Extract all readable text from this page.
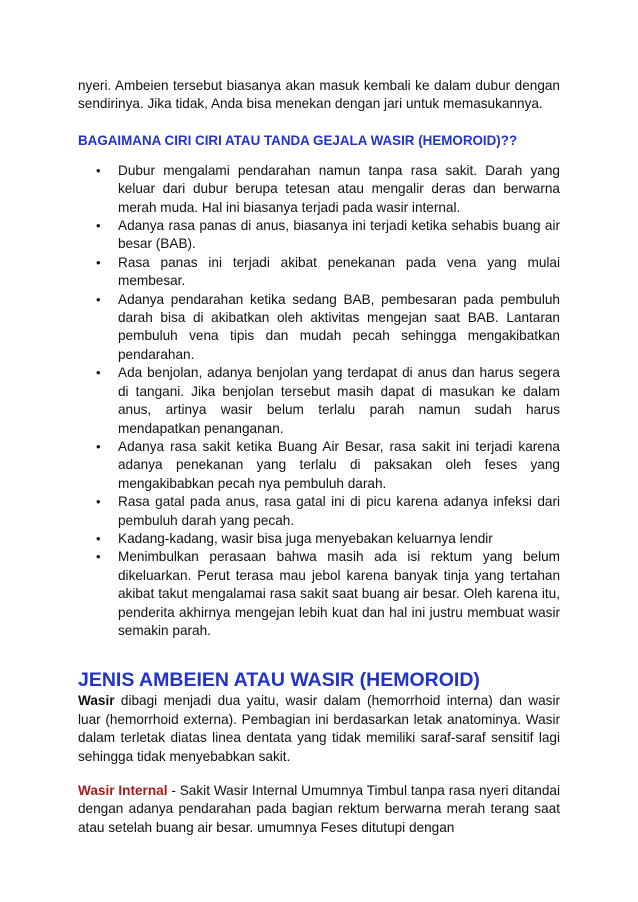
nyeri. Ambeien tersebut biasanya akan masuk kembali ke dalam dubur dengan sendirinya. Jika tidak, Anda bisa menekan dengan jari untuk memasukannya.

BAGAIMANA CIRI CIRI ATAU TANDA GEJALA WASIR (HEMOROID)??
• Dubur mengalami pendarahan namun tanpa rasa sakit. Darah yang keluar dari dubur berupa tetesan atau mengalir deras dan berwarna merah muda. Hal ini biasanya terjadi pada wasir internal.
• Adanya rasa panas di anus, biasanya ini terjadi ketika sehabis buang air besar (BAB).
• Rasa panas ini terjadi akibat penekanan pada vena yang mulai membesar.
• Adanya pendarahan ketika sedang BAB, pembesaran pada pembuluh darah bisa di akibatkan oleh aktivitas mengejan saat BAB. Lantaran pembuluh vena tipis dan mudah pecah sehingga mengakibatkan pendarahan.
• Ada benjolan, adanya benjolan yang terdapat di anus dan harus segera di tangani. Jika benjolan tersebut masih dapat di masukan ke dalam anus, artinya wasir belum terlalu parah namun sudah harus mendapatkan penanganan.
• Adanya rasa sakit ketika Buang Air Besar, rasa sakit ini terjadi karena adanya penekanan yang terlalu di paksakan oleh feses yang mengakibabkan pecah nya pembuluh darah.
• Rasa gatal pada anus, rasa gatal ini di picu karena adanya infeksi dari pembuluh darah yang pecah.
• Kadang-kadang, wasir bisa juga menyebakan keluarnya lendir
• Menimbulkan perasaan bahwa masih ada isi rektum yang belum dikeluarkan. Perut terasa mau jebol karena banyak tinja yang tertahan akibat takut mengalamai rasa sakit saat buang air besar. Oleh karena itu, penderita akhirnya mengejan lebih kuat dan hal ini justru membuat wasir semakin parah.
JENIS AMBEIEN ATAU WASIR (HEMOROID)

Wasir dibagi menjadi dua yaitu, wasir dalam (hemorrhoid interna) dan wasir luar (hemorrhoid externa). Pembagian ini berdasarkan letak anatominya. Wasir dalam terletak diatas linea dentata yang tidak memiliki saraf-saraf sensitif lagi sehingga tidak menyebabkan sakit.

Wasir Internal - Sakit Wasir Internal Umumnya Timbul tanpa rasa nyeri ditandai dengan adanya pendarahan pada bagian rektum berwarna merah terang saat atau setelah buang air besar. umumnya Feses ditutupi dengan
